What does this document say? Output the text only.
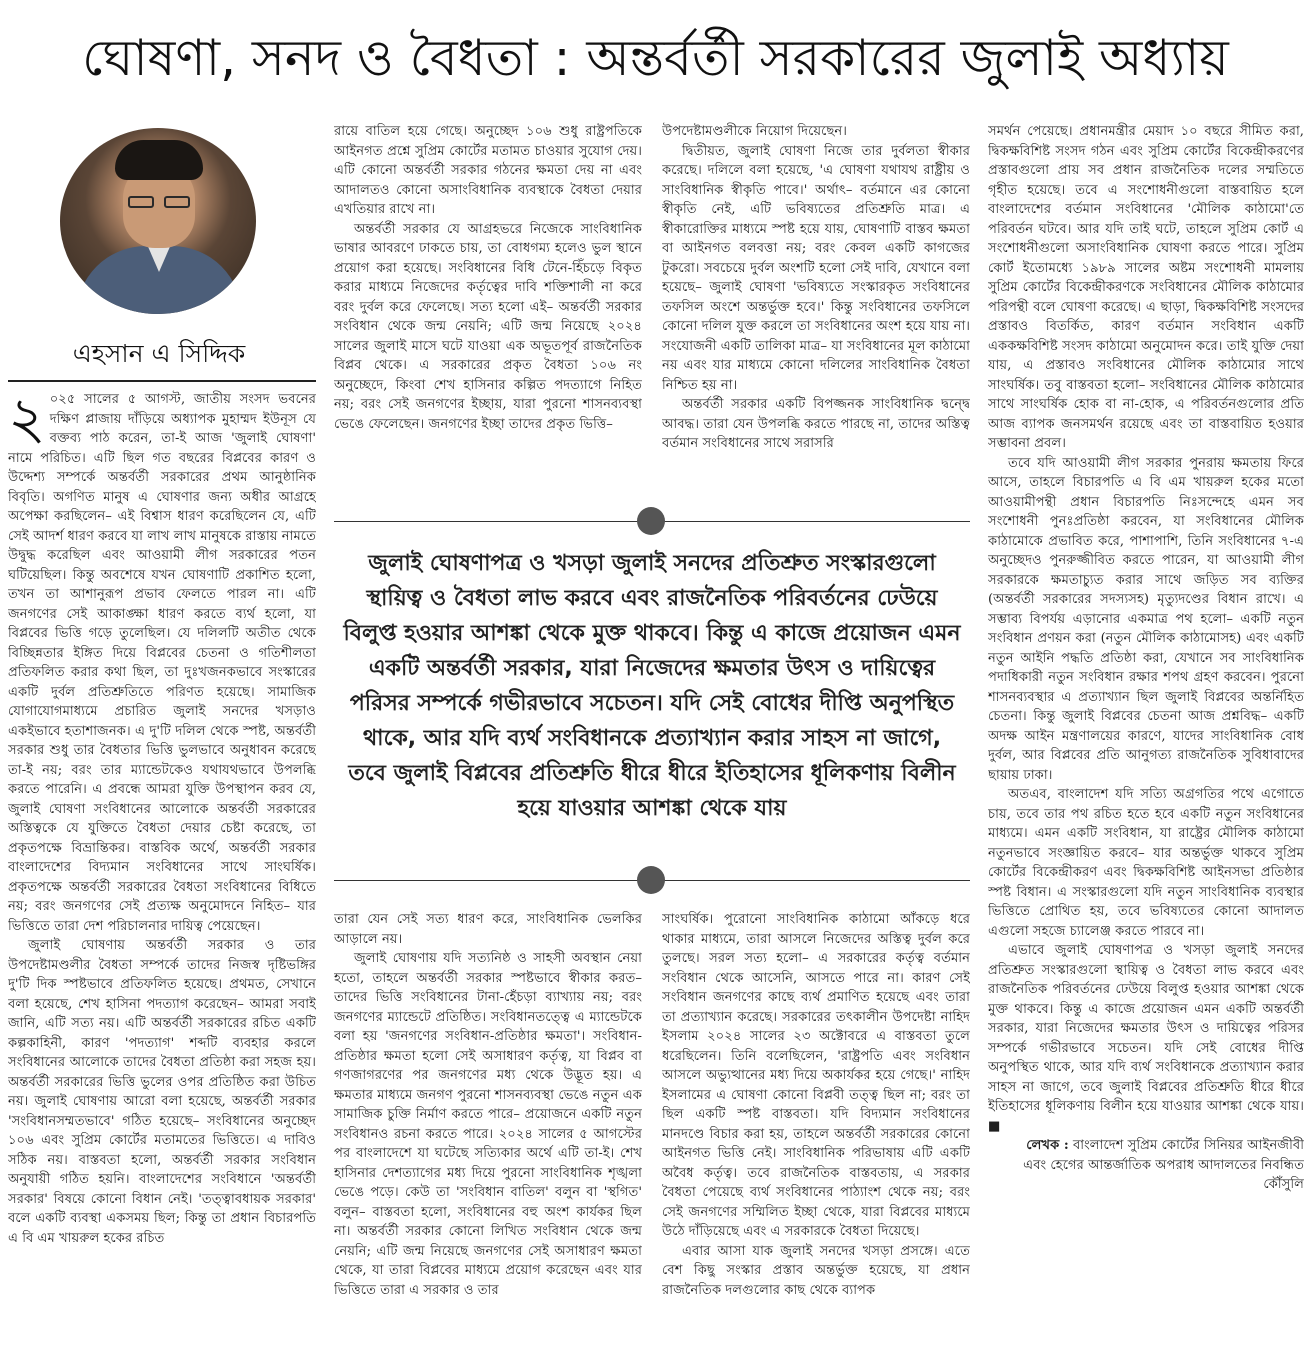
ঘোষণা, সনদ ও বৈধতা : অন্তর্বর্তী সরকারের জুলাই অধ্যায়
এহসান এ সিদ্দিক

২ ০২৫ সালের ৫ আগস্ট, জাতীয় সংসদ ভবনের দক্ষিণ প্লাজায় দাঁড়িয়ে অধ্যাপক মুহাম্মদ ইউনূস যে বক্তব্য পাঠ করেন, তা-ই আজ 'জুলাই ঘোষণা' নামে পরিচিত। এটি ছিল গত বছরের বিপ্লবের কারণ ও উদ্দেশ্য সম্পর্কে অন্তর্বর্তী সরকারের প্রথম আনুষ্ঠানিক বিবৃতি। অগণিত মানুষ এ ঘোষণার জন্য অধীর আগ্রহে অপেক্ষা করছিলেন– এই বিশ্বাস ধারণ করেছিলেন যে, এটি সেই আদর্শ ধারণ করবে যা লাখ লাখ মানুষকে রাস্তায় নামতে উদ্বুদ্ধ করেছিল এবং আওয়ামী লীগ সরকারের পতন ঘটিয়েছিল। কিন্তু অবশেষে যখন ঘোষণাটি প্রকাশিত হলো, তখন তা আশানুরূপ প্রভাব ফেলতে পারল না। এটি জনগণের সেই আকাঙ্ক্ষা ধারণ করতে ব্যর্থ হলো, যা বিপ্লবের ভিত্তি গড়ে তুলেছিল। যে দলিলটি অতীত থেকে বিচ্ছিন্নতার ইঙ্গিত দিয়ে বিপ্লবের চেতনা ও গতিশীলতা প্রতিফলিত করার কথা ছিল, তা দুঃখজনকভাবে সংস্কারের একটি দুর্বল প্রতিশ্রুতিতে পরিণত হয়েছে। সামাজিক যোগাযোগমাধ্যমে প্রচারিত জুলাই সনদের খসড়াও একইভাবে হতাশাজনক। এ দু'টি দলিল থেকে স্পষ্ট, অন্তর্বর্তী সরকার শুধু তার বৈধতার ভিত্তি ভুলভাবে অনুধাবন করেছে তা-ই নয়; বরং তার ম্যান্ডেটকেও যথাযথভাবে উপলব্ধি করতে পারেনি। এ প্রবন্ধে আমরা যুক্তি উপস্থাপন করব যে, জুলাই ঘোষণা সংবিধানের আলোকে অন্তর্বর্তী সরকারের অস্তিত্বকে যে যুক্তিতে বৈধতা দেয়ার চেষ্টা করেছে, তা প্রকৃতপক্ষে বিভ্রান্তিকর। বাস্তবিক অর্থে, অন্তর্বর্তী সরকার বাংলাদেশের বিদ্যমান সংবিধানের সাথে সাংঘর্ষিক। প্রকৃতপক্ষে অন্তর্বর্তী সরকারের বৈধতা সংবিধানের বিধিতে নয়; বরং জনগণের সেই প্রত্যক্ষ অনুমোদনে নিহিত– যার ভিত্তিতে তারা দেশ পরিচালনার দায়িত্ব পেয়েছেন।

জুলাই ঘোষণায় অন্তর্বর্তী সরকার ও তার উপদেষ্টামণ্ডলীর বৈধতা সম্পর্কে তাদের নিজস্ব দৃষ্টিভঙ্গির দু'টি দিক স্পষ্টভাবে প্রতিফলিত হয়েছে। প্রথমত, সেখানে বলা হয়েছে, শেখ হাসিনা পদত্যাগ করেছেন– আমরা সবাই জানি, এটি সত্য নয়। এটি অন্তর্বর্তী সরকারের রচিত একটি কল্পকাহিনী, কারণ 'পদত্যাগ' শব্দটি ব্যবহার করলে সংবিধানের আলোকে তাদের বৈধতা প্রতিষ্ঠা করা সহজ হয়। অন্তর্বর্তী সরকারের ভিত্তি ভুলের ওপর প্রতিষ্ঠিত করা উচিত নয়। জুলাই ঘোষণায় আরো বলা হয়েছে, অন্তর্বর্তী সরকার 'সংবিধানসম্মতভাবে' গঠিত হয়েছে– সংবিধানের অনুচ্ছেদ ১০৬ এবং সুপ্রিম কোর্টের মতামতের ভিত্তিতে। এ দাবিও সঠিক নয়। বাস্তবতা হলো, অন্তর্বর্তী সরকার সংবিধান অনুযায়ী গঠিত হয়নি। বাংলাদেশের সংবিধানে 'অন্তর্বর্তী সরকার' বিষয়ে কোনো বিধান নেই। 'তত্ত্বাবধায়ক সরকার' বলে একটি ব্যবস্থা একসময় ছিল; কিন্তু তা প্রধান বিচারপতি এ বি এম খায়রুল হকের রচিত

রায়ে বাতিল হয়ে গেছে। অনুচ্ছেদ ১০৬ শুধু রাষ্ট্রপতিকে আইনগত প্রশ্নে সুপ্রিম কোর্টের মতামত চাওয়ার সুযোগ দেয়। এটি কোনো অন্তর্বর্তী সরকার গঠনের ক্ষমতা দেয় না এবং আদালতও কোনো অসাংবিধানিক ব্যবস্থাকে বৈধতা দেয়ার এখতিয়ার রাখে না।

অন্তর্বর্তী সরকার যে আগ্রহভরে নিজেকে সাংবিধানিক ভাষার আবরণে ঢাকতে চায়, তা বোধগম্য হলেও ভুল স্থানে প্রয়োগ করা হয়েছে। সংবিধানের বিধি টেনে-হিঁচড়ে বিকৃত করার মাধ্যমে নিজেদের কর্তৃত্বের দাবি শক্তিশালী না করে বরং দুর্বল করে ফেলেছে। সত্য হলো এই– অন্তর্বর্তী সরকার সংবিধান থেকে জন্ম নেয়নি; এটি জন্ম নিয়েছে ২০২৪ সালের জুলাই মাসে ঘটে যাওয়া এক অভূতপূর্ব রাজনৈতিক বিপ্লব থেকে। এ সরকারের প্রকৃত বৈধতা ১০৬ নং অনুচ্ছেদে, কিংবা শেখ হাসিনার কল্পিত পদত্যাগে নিহিত নয়; বরং সেই জনগণের ইচ্ছায়, যারা পুরনো শাসনব্যবস্থা ভেঙে ফেলেছেন। জনগণের ইচ্ছা তাদের প্রকৃত ভিত্তি–

উপদেষ্টামণ্ডলীকে নিয়োগ দিয়েছেন।

দ্বিতীয়ত, জুলাই ঘোষণা নিজে তার দুর্বলতা স্বীকার করেছে। দলিলে বলা হয়েছে, 'এ ঘোষণা যথাযথ রাষ্ট্রীয় ও সাংবিধানিক স্বীকৃতি পাবে।' অর্থাৎ– বর্তমানে এর কোনো স্বীকৃতি নেই, এটি ভবিষ্যতের প্রতিশ্রুতি মাত্র। এ স্বীকারোক্তির মাধ্যমে স্পষ্ট হয়ে যায়, ঘোষণাটি বাস্তব ক্ষমতা বা আইনগত বলবত্তা নয়; বরং কেবল একটি কাগজের টুকরো। সবচেয়ে দুর্বল অংশটি হলো সেই দাবি, যেখানে বলা হয়েছে– জুলাই ঘোষণা 'ভবিষ্যতে সংস্কারকৃত সংবিধানের তফসিল অংশে অন্তর্ভুক্ত হবে।' কিন্তু সংবিধানের তফসিলে কোনো দলিল যুক্ত করলে তা সংবিধানের অংশ হয়ে যায় না। সংযোজনী একটি তালিকা মাত্র– যা সংবিধানের মূল কাঠামো নয় এবং যার মাধ্যমে কোনো দলিলের সাংবিধানিক বৈধতা নিশ্চিত হয় না।

অন্তর্বর্তী সরকার একটি বিপজ্জনক সাংবিধানিক দ্বন্দ্বে আবদ্ধ। তারা যেন উপলব্ধি করতে পারছে না, তাদের অস্তিত্ব বর্তমান সংবিধানের সাথে সরাসরি

জুলাই ঘোষণাপত্র ও খসড়া জুলাই সনদের প্রতিশ্রুত সংস্কারগুলো স্থায়িত্ব ও বৈধতা লাভ করবে এবং রাজনৈতিক পরিবর্তনের ঢেউয়ে বিলুপ্ত হওয়ার আশঙ্কা থেকে মুক্ত থাকবে। কিন্তু এ কাজে প্রয়োজন এমন একটি অন্তর্বর্তী সরকার, যারা নিজেদের ক্ষমতার উৎস ও দায়িত্বের পরিসর সম্পর্কে গভীরভাবে সচেতন। যদি সেই বোধের দীপ্তি অনুপস্থিত থাকে, আর যদি ব্যর্থ সংবিধানকে প্রত্যাখ্যান করার সাহস না জাগে, তবে জুলাই বিপ্লবের প্রতিশ্রুতি ধীরে ধীরে ইতিহাসের ধূলিকণায় বিলীন হয়ে যাওয়ার আশঙ্কা থেকে যায়

তারা যেন সেই সত্য ধারণ করে, সাংবিধানিক ভেলকির আড়ালে নয়।

জুলাই ঘোষণায় যদি সত্যনিষ্ঠ ও সাহসী অবস্থান নেয়া হতো, তাহলে অন্তর্বর্তী সরকার স্পষ্টভাবে স্বীকার করত– তাদের ভিত্তি সংবিধানের টানা-হেঁচড়া ব্যাখ্যায় নয়; বরং জনগণের ম্যান্ডেটে প্রতিষ্ঠিত। সংবিধানতত্ত্বে এ ম্যান্ডেটকে বলা হয় 'জনগণের সংবিধান-প্রতিষ্ঠার ক্ষমতা'। সংবিধান-প্রতিষ্ঠার ক্ষমতা হলো সেই অসাধারণ কর্তৃত্ব, যা বিপ্লব বা গণজাগরণের পর জনগণের মধ্য থেকে উদ্ভূত হয়। এ ক্ষমতার মাধ্যমে জনগণ পুরনো শাসনব্যবস্থা ভেঙে নতুন এক সামাজিক চুক্তি নির্মাণ করতে পারে– প্রয়োজনে একটি নতুন সংবিধানও রচনা করতে পারে। ২০২৪ সালের ৫ আগস্টের পর বাংলাদেশে যা ঘটেছে সত্যিকার অর্থে এটি তা-ই। শেখ হাসিনার দেশত্যাগের মধ্য দিয়ে পুরনো সাংবিধানিক শৃঙ্খলা ভেঙে পড়ে। কেউ তা 'সংবিধান বাতিল' বলুন বা 'স্থগিত' বলুন– বাস্তবতা হলো, সংবিধানের বহু অংশ কার্যকর ছিল না। অন্তর্বর্তী সরকার কোনো লিখিত সংবিধান থেকে জন্ম নেয়নি; এটি জন্ম নিয়েছে জনগণের সেই অসাধারণ ক্ষমতা থেকে, যা তারা বিপ্লবের মাধ্যমে প্রয়োগ করেছেন এবং যার ভিত্তিতে তারা এ সরকার ও তার

সাংঘর্ষিক। পুরোনো সাংবিধানিক কাঠামো আঁকড়ে ধরে থাকার মাধ্যমে, তারা আসলে নিজেদের অস্তিত্ব দুর্বল করে তুলছে। সরল সত্য হলো– এ সরকারের কর্তৃত্ব বর্তমান সংবিধান থেকে আসেনি, আসতে পারে না। কারণ সেই সংবিধান জনগণের কাছে ব্যর্থ প্রমাণিত হয়েছে এবং তারা তা প্রত্যাখ্যান করেছে। সরকারের তৎকালীন উপদেষ্টা নাহিদ ইসলাম ২০২৪ সালের ২৩ অক্টোবরে এ বাস্তবতা তুলে ধরেছিলেন। তিনি বলেছিলেন, 'রাষ্ট্রপতি এবং সংবিধান আসলে অভ্যুত্থানের মধ্য দিয়ে অকার্যকর হয়ে গেছে।' নাহিদ ইসলামের এ ঘোষণা কোনো বিপ্লবী তত্ত্ব ছিল না; বরং তা ছিল একটি স্পষ্ট বাস্তবতা। যদি বিদ্যমান সংবিধানের মানদণ্ডে বিচার করা হয়, তাহলে অন্তর্বর্তী সরকারের কোনো আইনগত ভিত্তি নেই। সাংবিধানিক পরিভাষায় এটি একটি অবৈধ কর্তৃত্ব। তবে রাজনৈতিক বাস্তবতায়, এ সরকার বৈধতা পেয়েছে ব্যর্থ সংবিধানের পাঠ্যাংশ থেকে নয়; বরং সেই জনগণের সম্মিলিত ইচ্ছা থেকে, যারা বিপ্লবের মাধ্যমে উঠে দাঁড়িয়েছে এবং এ সরকারকে বৈধতা দিয়েছে।

এবার আসা যাক জুলাই সনদের খসড়া প্রসঙ্গে। এতে বেশ কিছু সংস্কার প্রস্তাব অন্তর্ভুক্ত হয়েছে, যা প্রধান রাজনৈতিক দলগুলোর কাছ থেকে ব্যাপক

সমর্থন পেয়েছে। প্রধানমন্ত্রীর মেয়াদ ১০ বছরে সীমিত করা, দ্বিকক্ষবিশিষ্ট সংসদ গঠন এবং সুপ্রিম কোর্টের বিকেন্দ্রীকরণের প্রস্তাবগুলো প্রায় সব প্রধান রাজনৈতিক দলের সম্মতিতে গৃহীত হয়েছে। তবে এ সংশোধনীগুলো বাস্তবায়িত হলে বাংলাদেশের বর্তমান সংবিধানের 'মৌলিক কাঠামো'তে পরিবর্তন ঘটবে। আর যদি তাই ঘটে, তাহলে সুপ্রিম কোর্ট এ সংশোধনীগুলো অসাংবিধানিক ঘোষণা করতে পারে। সুপ্রিম কোর্ট ইতোমধ্যে ১৯৮৯ সালের অষ্টম সংশোধনী মামলায় সুপ্রিম কোর্টের বিকেন্দ্রীকরণকে সংবিধানের মৌলিক কাঠামোর পরিপন্থী বলে ঘোষণা করেছে। এ ছাড়া, দ্বিকক্ষবিশিষ্ট সংসদের প্রস্তাবও বিতর্কিত, কারণ বর্তমান সংবিধান একটি এককক্ষবিশিষ্ট সংসদ কাঠামো অনুমোদন করে। তাই যুক্তি দেয়া যায়, এ প্রস্তাবও সংবিধানের মৌলিক কাঠামোর সাথে সাংঘর্ষিক। তবু বাস্তবতা হলো– সংবিধানের মৌলিক কাঠামোর সাথে সাংঘর্ষিক হোক বা না-হোক, এ পরিবর্তনগুলোর প্রতি আজ ব্যাপক জনসমর্থন রয়েছে এবং তা বাস্তবায়িত হওয়ার সম্ভাবনা প্রবল।

তবে যদি আওয়ামী লীগ সরকার পুনরায় ক্ষমতায় ফিরে আসে, তাহলে বিচারপতি এ বি এম খায়রুল হকের মতো আওয়ামীপন্থী প্রধান বিচারপতি নিঃসন্দেহে এমন সব সংশোধনী পুনঃপ্রতিষ্ঠা করবেন, যা সংবিধানের মৌলিক কাঠামোকে প্রভাবিত করে, পাশাপাশি, তিনি সংবিধানের ৭-এ অনুচ্ছেদও পুনরুজ্জীবিত করতে পারেন, যা আওয়ামী লীগ সরকারকে ক্ষমতাচ্যুত করার সাথে জড়িত সব ব্যক্তির (অন্তর্বর্তী সরকারের সদস্যসহ) মৃত্যুদণ্ডের বিধান রাখে। এ সম্ভাব্য বিপর্যয় এড়ানোর একমাত্র পথ হলো– একটি নতুন সংবিধান প্রণয়ন করা (নতুন মৌলিক কাঠামোসহ) এবং একটি নতুন আইনি পদ্ধতি প্রতিষ্ঠা করা, যেখানে সব সাংবিধানিক পদাধিকারী নতুন সংবিধান রক্ষার শপথ গ্রহণ করবেন। পুরনো শাসনব্যবস্থার এ প্রত্যাখ্যান ছিল জুলাই বিপ্লবের অন্তর্নিহিত চেতনা। কিন্তু জুলাই বিপ্লবের চেতনা আজ প্রশ্নবিদ্ধ– একটি অদক্ষ আইন মন্ত্রণালয়ের কারণে, যাদের সাংবিধানিক বোধ দুর্বল, আর বিপ্লবের প্রতি আনুগত্য রাজনৈতিক সুবিধাবাদের ছায়ায় ঢাকা।

অতএব, বাংলাদেশ যদি সত্যি অগ্রগতির পথে এগোতে চায়, তবে তার পথ রচিত হতে হবে একটি নতুন সংবিধানের মাধ্যমে। এমন একটি সংবিধান, যা রাষ্ট্রের মৌলিক কাঠামো নতুনভাবে সংজ্ঞায়িত করবে– যার অন্তর্ভুক্ত থাকবে সুপ্রিম কোর্টের বিকেন্দ্রীকরণ এবং দ্বিকক্ষবিশিষ্ট আইনসভা প্রতিষ্ঠার স্পষ্ট বিধান। এ সংস্কারগুলো যদি নতুন সাংবিধানিক ব্যবস্থার ভিত্তিতে প্রোথিত হয়, তবে ভবিষ্যতের কোনো আদালত এগুলো সহজে চ্যালেঞ্জ করতে পারবে না।

এভাবে জুলাই ঘোষণাপত্র ও খসড়া জুলাই সনদের প্রতিশ্রুত সংস্কারগুলো স্থায়িত্ব ও বৈধতা লাভ করবে এবং রাজনৈতিক পরিবর্তনের ঢেউয়ে বিলুপ্ত হওয়ার আশঙ্কা থেকে মুক্ত থাকবে। কিন্তু এ কাজে প্রয়োজন এমন একটি অন্তর্বর্তী সরকার, যারা নিজেদের ক্ষমতার উৎস ও দায়িত্বের পরিসর সম্পর্কে গভীরভাবে সচেতন। যদি সেই বোধের দীপ্তি অনুপস্থিত থাকে, আর যদি ব্যর্থ সংবিধানকে প্রত্যাখ্যান করার সাহস না জাগে, তবে জুলাই বিপ্লবের প্রতিশ্রুতি ধীরে ধীরে ইতিহাসের ধূলিকণায় বিলীন হয়ে যাওয়ার আশঙ্কা থেকে যায়। ■

লেখক : বাংলাদেশ সুপ্রিম কোর্টের সিনিয়র আইনজীবী এবং হেগের আন্তর্জাতিক অপরাধ আদালতের নিবন্ধিত কৌঁসুলি
